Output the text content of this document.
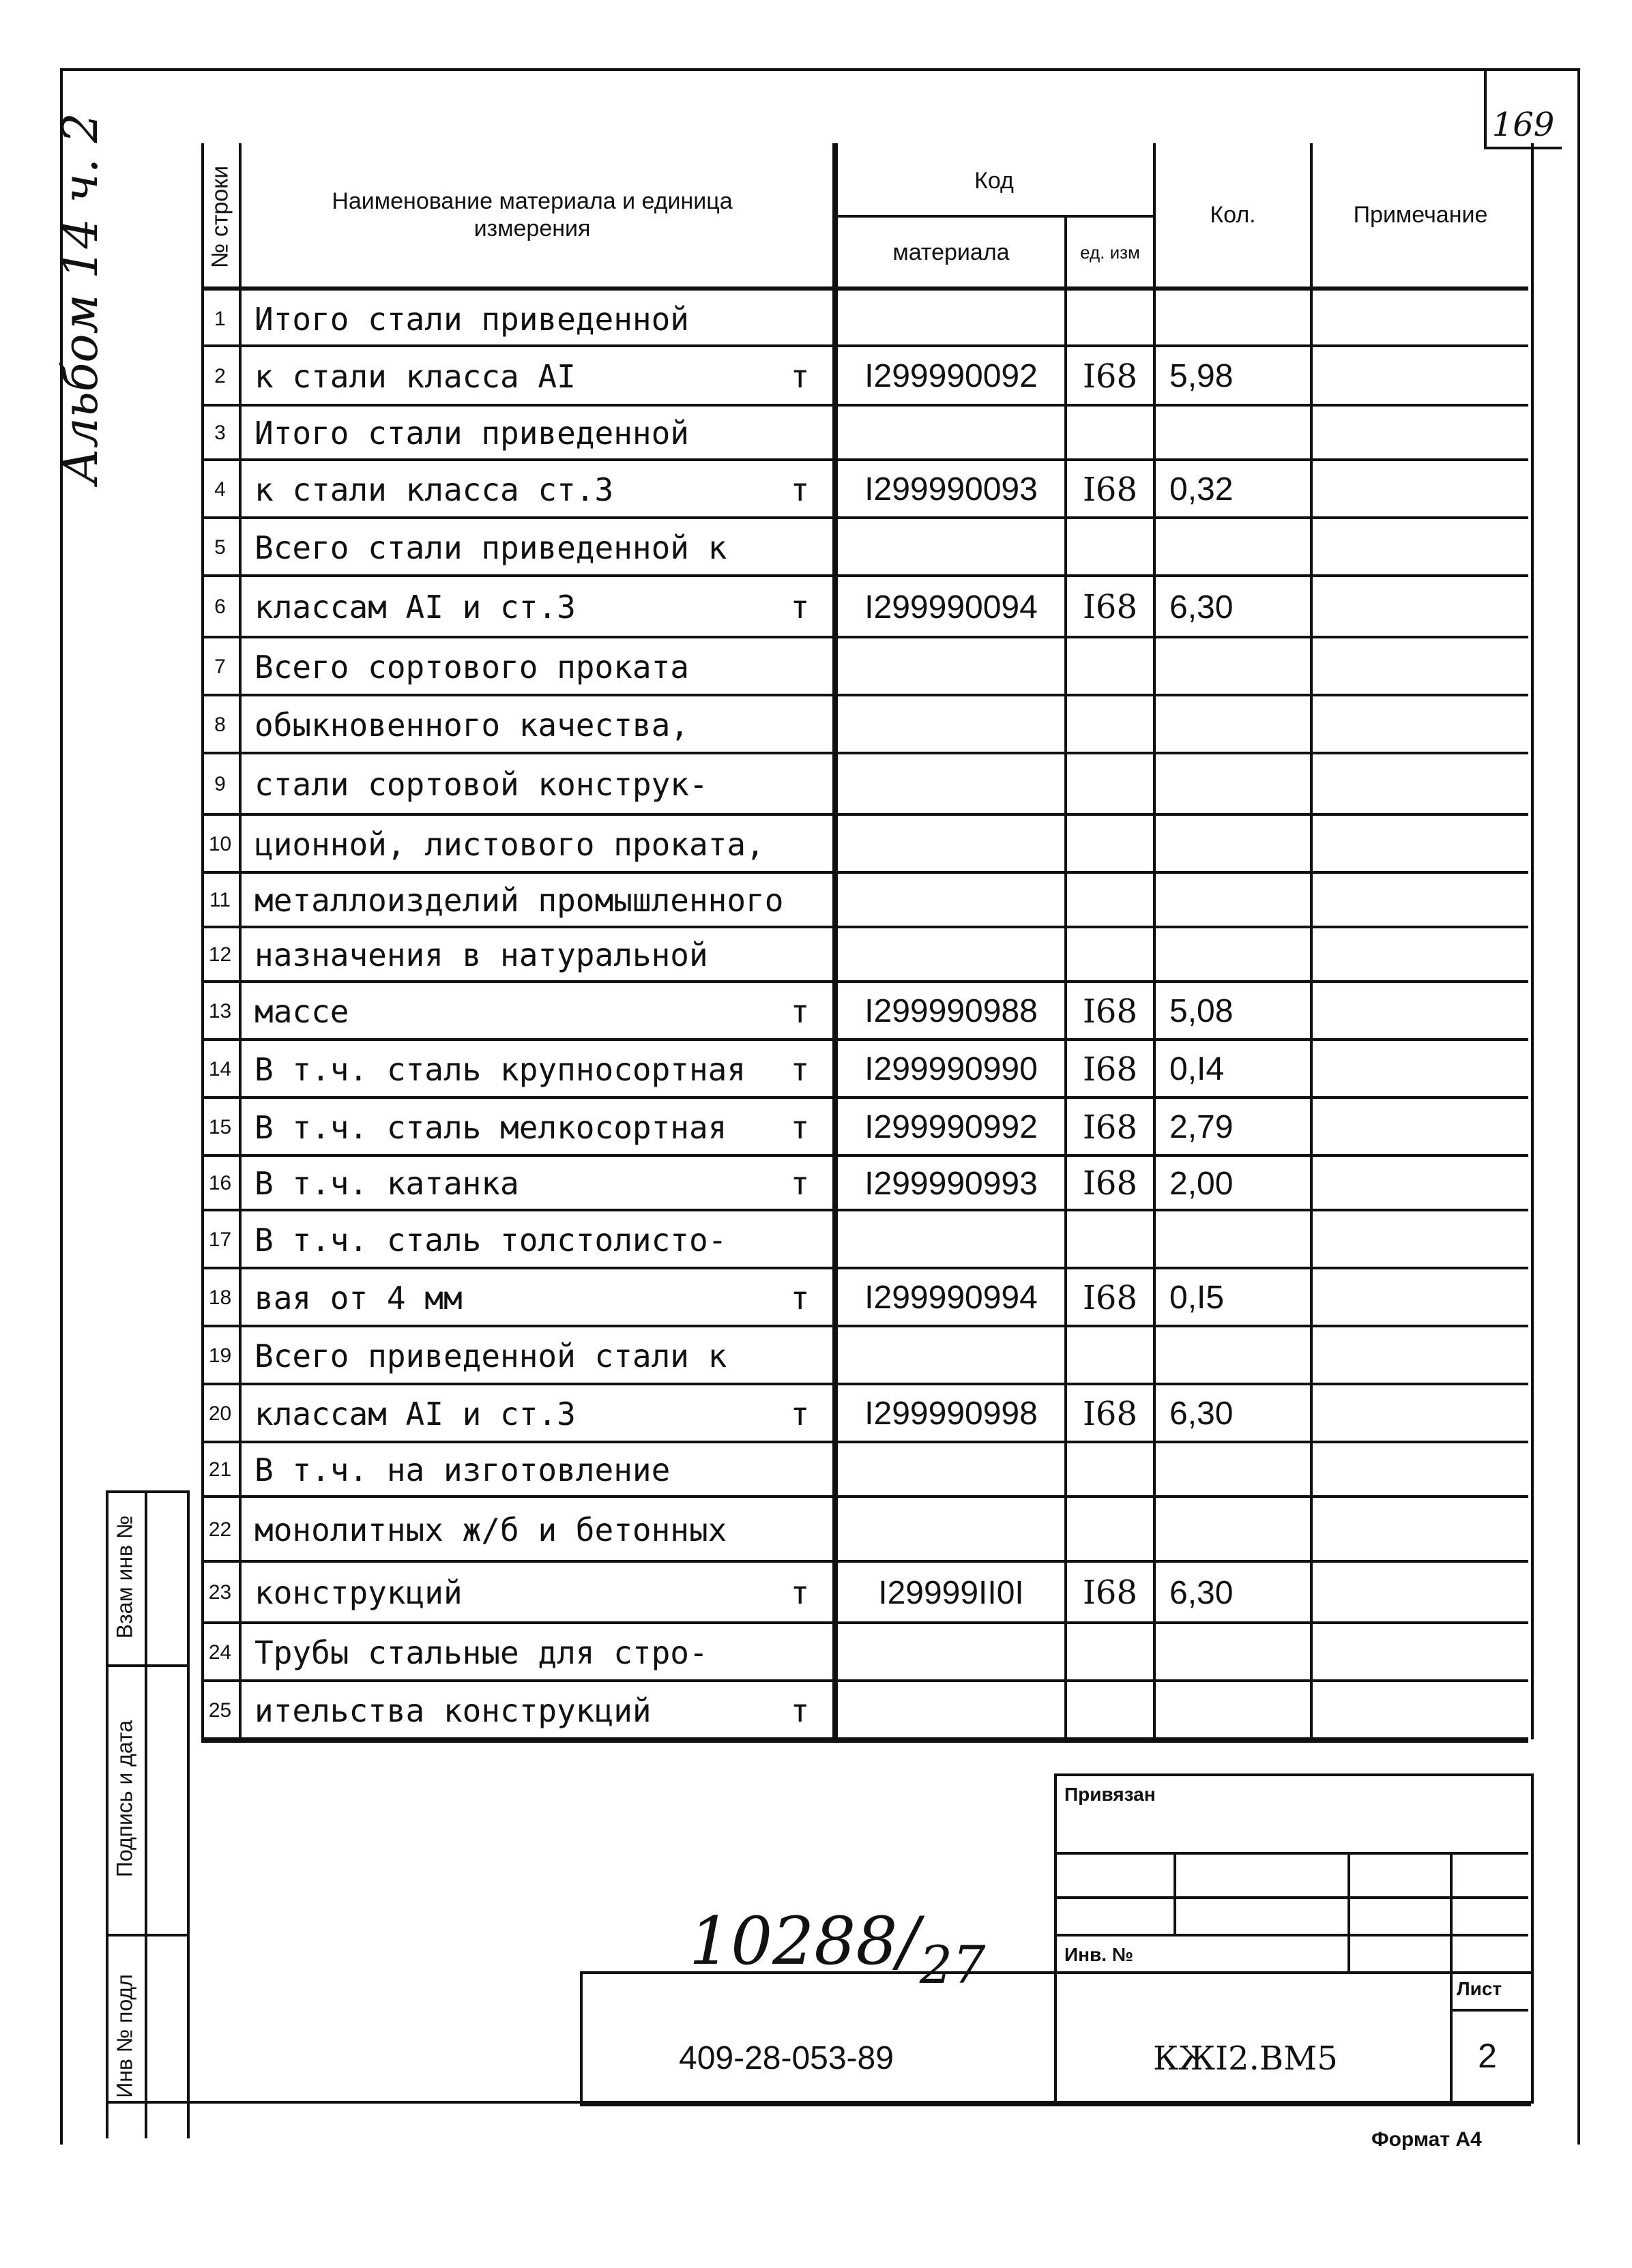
169
Альбом 14 ч. 2	№ строки	Наименование материала и единица измерения
Код
материала	ед. изм
Кол.	Примечание
1 Итого стали приведенной
2 к стали класса AI	т	I299990092	I68 5,98
3 Итого стали приведенной
4 к стали класса ст.3	т	I299990093	I68 0,32
5 Всего стали приведенной к
6 классам AI и ст.3	т	I299990094	I68 6,30
7 Всего сортового проката
8 обыкновенного качества,
9 стали сортовой конструк-
10 ционной, листового проката,
11 металлоизделий промышленного
12 назначения в натуральной
13 массе	т	I299990988	I68 5,08
14 В т.ч. сталь крупносортная	т	I299990990	I68 0,I4
15 В т.ч. сталь мелкосортная	т	I299990992	I68 2,79
16 В т.ч. катанка	т	I299990993	I68 2,00
17 В т.ч. сталь толстолисто-
18 вая от 4 мм	т	I299990994	I68 0,I5
19 Всего приведенной стали к
20 классам AI и ст.3	т	I299990998	I68 6,30
21 В т.ч. на изготовление
22 монолитных ж/б и бетонных
23 конструкций	т	I29999II0I	I68 6,30
24 Трубы стальные для стро-
25 ительства конструкций	т
Взам инв №
Подпись и дата
Инв № подл
Привязан
Инв. №
Лист
409-28-053-89	КЖI2.ВМ5	2
$10288/_{27}$
Формат А4
